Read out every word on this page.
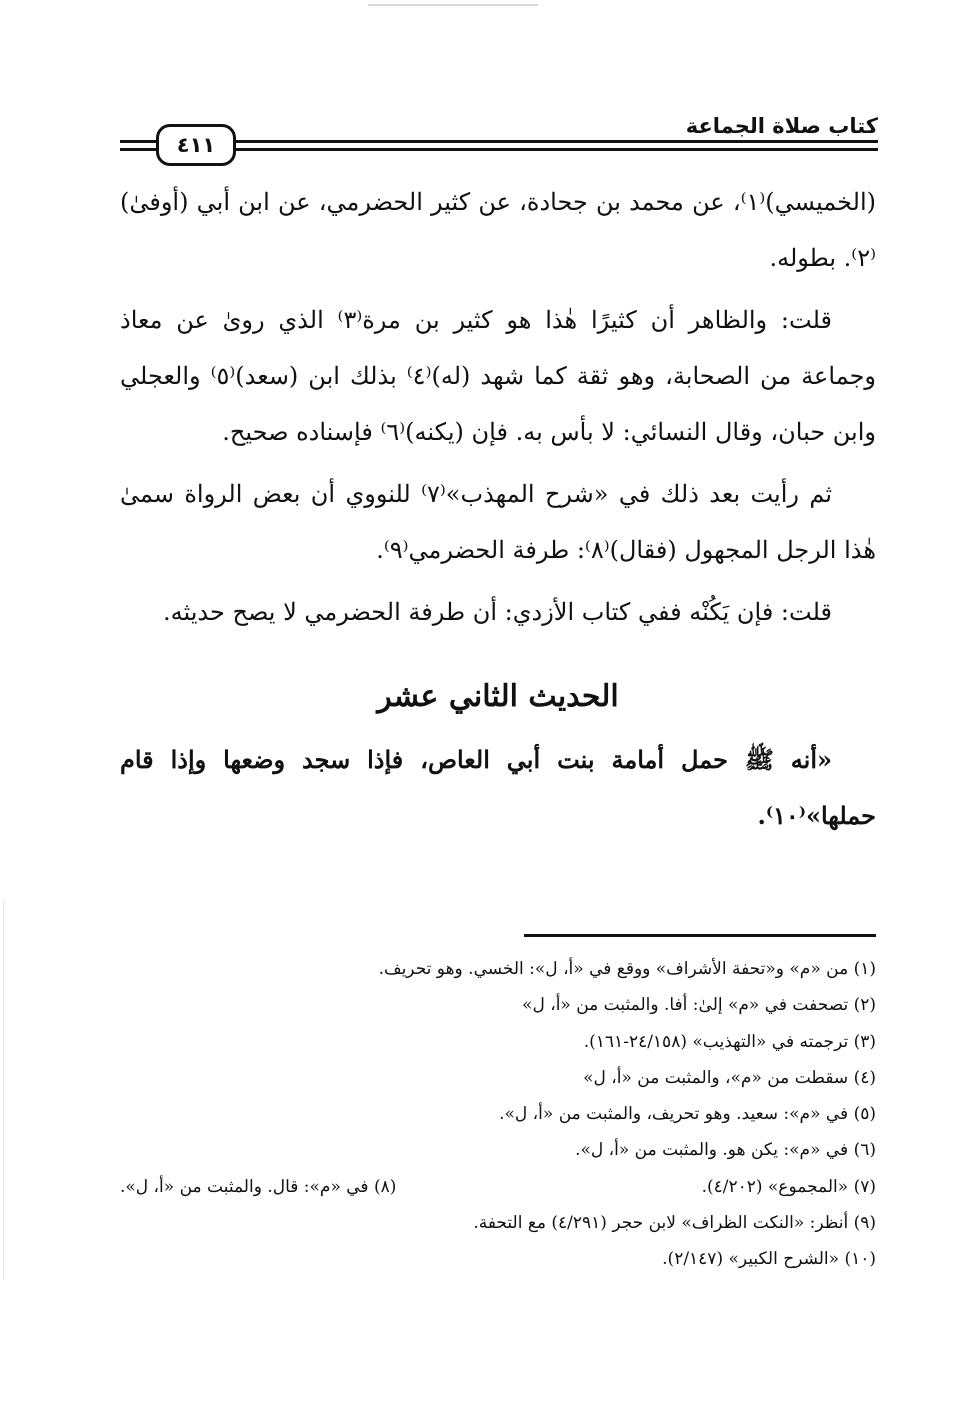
كتاب صلاة الجماعة
٤١١

(الخميسي)⁽١⁾، عن محمد بن جحادة، عن كثير الحضرمي، عن ابن أبي (أوفىٰ)⁽٢⁾. بطوله.

قلت: والظاهر أن كثيرًا هٰذا هو كثير بن مرة⁽٣⁾ الذي روىٰ عن معاذ وجماعة من الصحابة، وهو ثقة كما شهد (له)⁽٤⁾ بذلك ابن (سعد)⁽٥⁾ والعجلي وابن حبان، وقال النسائي: لا بأس به. فإن (يكنه)⁽٦⁾ فإسناده صحيح.

ثم رأيت بعد ذلك في «شرح المهذب»⁽٧⁾ للنووي أن بعض الرواة سمىٰ هٰذا الرجل المجهول (فقال)⁽٨⁾: طرفة الحضرمي⁽٩⁾.

قلت: فإن يَكُنْه ففي كتاب الأزدي: أن طرفة الحضرمي لا يصح حديثه.

الحديث الثاني عشر

«أنه ﷺ حمل أمامة بنت أبي العاص، فإذا سجد وضعها وإذا قام حملها»⁽١٠⁾.

(١) من «م» و«تحفة الأشراف» ووقع في «أ، ل»: الخسي. وهو تحريف.
(٢) تصحفت في «م» إلىٰ: أفا. والمثبت من «أ، ل»
(٣) ترجمته في «التهذيب» (٢٤/١٥٨-١٦١).
(٤) سقطت من «م»، والمثبت من «أ، ل»
(٥) في «م»: سعيد. وهو تحريف، والمثبت من «أ، ل».
(٦) في «م»: يكن هو. والمثبت من «أ، ل».
(٧) «المجموع» (٤/٢٠٢).
(٨) في «م»: قال. والمثبت من «أ، ل».
(٩) أنظر: «النكت الظراف» لابن حجر (٤/٢٩١) مع التحفة.
(١٠) «الشرح الكبير» (٢/١٤٧).
